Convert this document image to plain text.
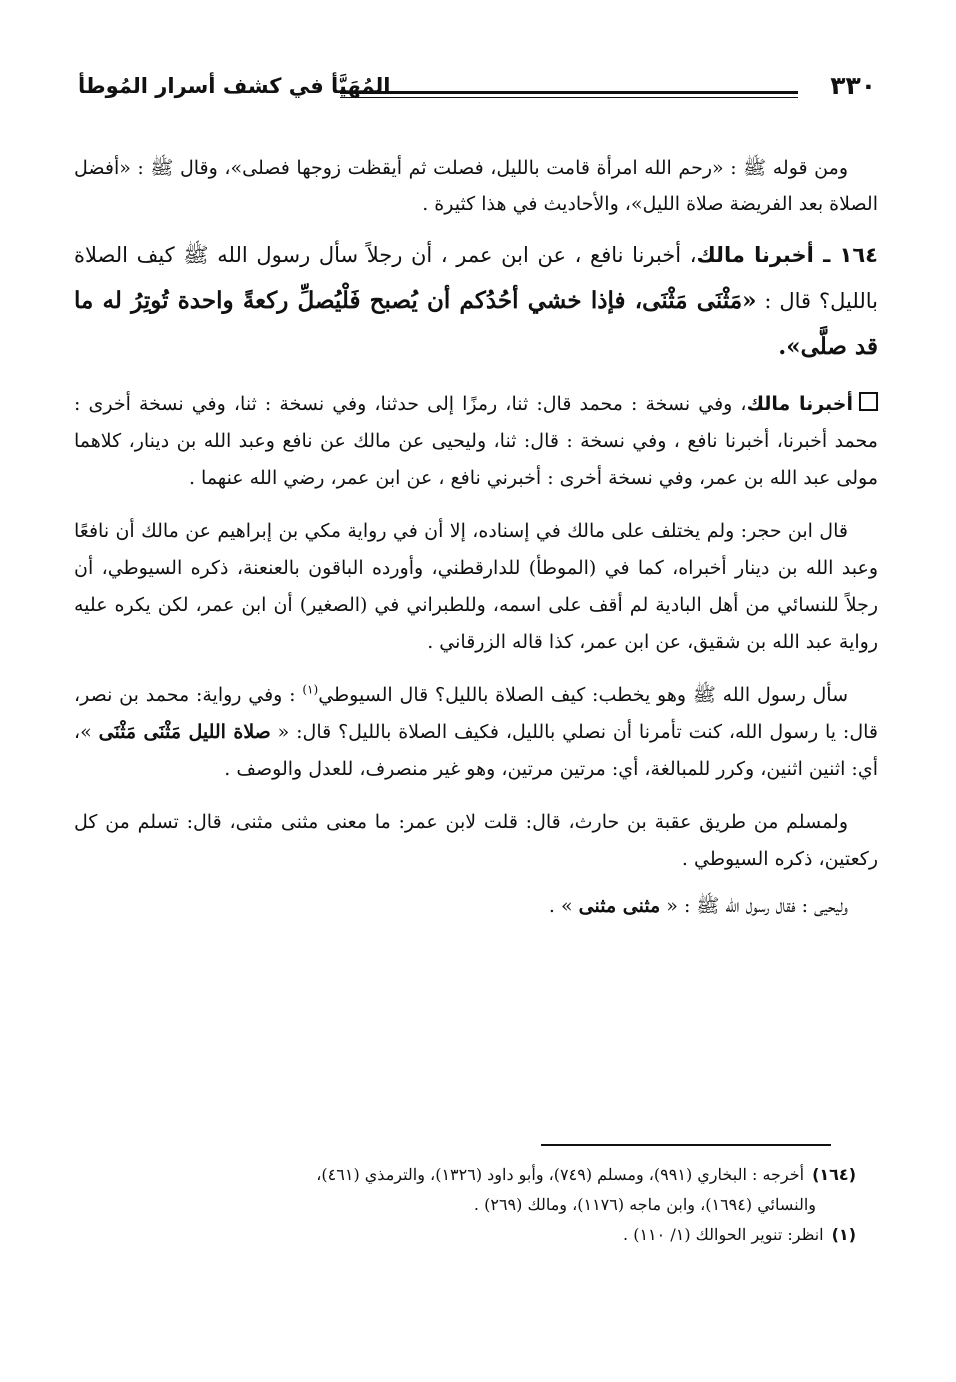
٣٣٠
المُهَيَّأ في كشف أسرار المُوطأ

ومن قوله ﷺ : «رحم الله امرأة قامت بالليل، فصلت ثم أيقظت زوجها فصلى»، وقال ﷺ : «أفضل الصلاة بعد الفريضة صلاة الليل»، والأحاديث في هذا كثيرة .

١٦٤ ـ أخبرنا مالك، أخبرنا نافع ، عن ابن عمر ، أن رجلاً سأل رسول الله ﷺ كيف الصلاة بالليل؟ قال : «مَثْنَى مَثْنَى، فإذا خشي أحُدُكم أن يُصبح فَلْيُصلِّ ركعةً واحدة تُوتِرُ له ما قد صلَّى».

أخبرنا مالك، وفي نسخة : محمد قال: ثنا، رمزًا إلى حدثنا، وفي نسخة : ثنا، وفي نسخة أخرى : محمد أخبرنا، أخبرنا نافع ، وفي نسخة : قال: ثنا، وليحيى عن مالك عن نافع وعبد الله بن دينار، كلاهما مولى عبد الله بن عمر، وفي نسخة أخرى : أخبرني نافع ، عن ابن عمر، رضي الله عنهما .

قال ابن حجر: ولم يختلف على مالك في إسناده، إلا أن في رواية مكي بن إبراهيم عن مالك أن نافعًا وعبد الله بن دينار أخبراه، كما في (الموطأ) للدارقطني، وأورده الباقون بالعنعنة، ذكره السيوطي، أن رجلاً للنسائي من أهل البادية لم أقف على اسمه، وللطبراني في (الصغير) أن ابن عمر، لكن يكره عليه رواية عبد الله بن شقيق، عن ابن عمر، كذا قاله الزرقاني .

سأل رسول الله ﷺ وهو يخطب: كيف الصلاة بالليل؟ قال السيوطي$^{(١)}$ : وفي رواية: محمد بن نصر، قال: يا رسول الله، كنت تأمرنا أن نصلي بالليل، فكيف الصلاة بالليل؟ قال: « صلاة الليل مَثْنَى مَثْنَى »، أي: اثنين اثنين، وكرر للمبالغة، أي: مرتين مرتين، وهو غير منصرف، للعدل والوصف .

ولمسلم من طريق عقبة بن حارث، قال: قلت لابن عمر: ما معنى مثنى مثنى، قال: تسلم من كل ركعتين، ذكره السيوطي .

وليحيى : فقال رسول الله ﷺ : « مثنى مثنى » .

(١٦٤)أخرجه : البخاري (٩٩١)، ومسلم (٧٤٩)، وأبو داود (١٣٢٦)، والترمذي (٤٦١)،

والنسائي (١٦٩٤)، وابن ماجه (١١٧٦)، ومالك (٢٦٩) .

(١)انظر: تنوير الحوالك (١/ ١١٠) .
